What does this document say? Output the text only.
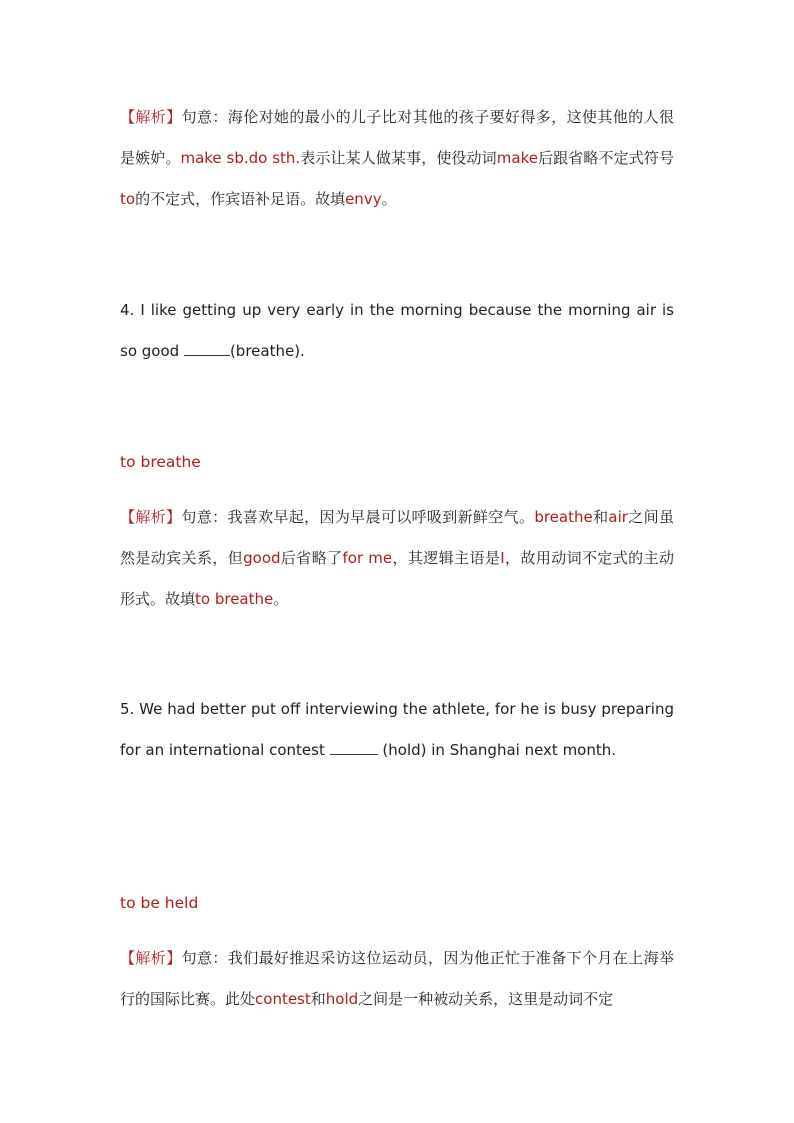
【解析】句意：海伦对她的最小的儿子比对其他的孩子要好得多，这使其他的人很是嫉妒。make sb.do sth.表示让某人做某事，使役动词make后跟省略不定式符号to的不定式，作宾语补足语。故填envy。

4. I like getting up very early in the morning because the morning air is so good	(breathe).

to breathe

【解析】句意：我喜欢早起，因为早晨可以呼吸到新鲜空气。breathe和air之间虽然是动宾关系，但good后省略了for me，其逻辑主语是I，故用动词不定式的主动形式。故填to breathe。

5. We had better put off interviewing the athlete, for he is busy preparing for an international contest	(hold) in Shanghai next month.

to be held

【解析】句意：我们最好推迟采访这位运动员，因为他正忙于准备下个月在上海举行的国际比赛。此处contest和hold之间是一种被动关系，这里是动词不定
